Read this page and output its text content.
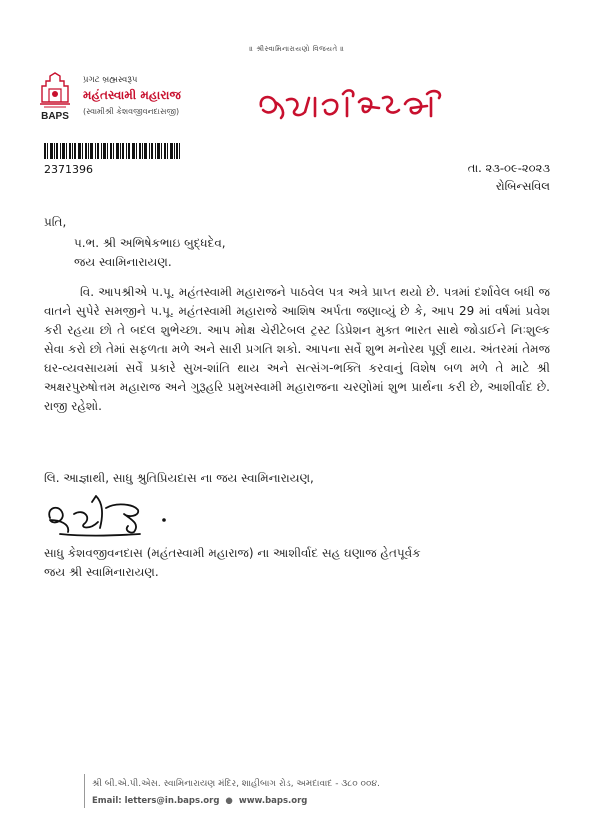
॥ શ્રીસ્વામિનારાયણો વિજયતે ॥
BAPS
પ્રગટ બ્રહ્મસ્વરૂપ
મહંતસ્વામી મહારાજ
(સ્વામીશ્રી કેશવજીવનદાસજી)
2371396	તા. ૨૩-૦૯-૨૦૨૩
રોબિન્સવિલ
પ્રતિ,
પ.ભ. શ્રી અભિષેકભાઇ બુદ્ધદેવ,
જય સ્વામિનારાયણ.
વિ. આપશ્રીએ પ.પૂ. મહંતસ્વામી મહારાજને પાઠવેલ પત્ર અત્રે પ્રાપ્ત થયો છે. પત્રમાં દર્શાવેલ બધી જ વાતને સુપેરે સમજીને પ.પૂ. મહંતસ્વામી મહારાજે આશિષ અર્પતા જણાવ્યું છે કે, આપ 29 માં વર્ષમાં પ્રવેશ કરી રહયા છો તે બદલ શુભેચ્છા. આપ મોક્ષ ચેરીટેબલ ટ્રસ્ટ ડિપ્રેશન મુક્ત ભારત સાથે જોડાઈને નિઃશુલ્ક સેવા કરો છો તેમાં સફળતા મળે અને સારી પ્રગતિ શકો. આપના સર્વે શુભ મનોરથ પૂર્ણ થાય. અંતરમાં તેમજ ઘર-વ્યવસાયમાં સર્વે પ્રકારે સુખ-શાંતિ થાય અને સત્સંગ-ભક્તિ કરવાનું વિશેષ બળ મળે તે માટે શ્રી અક્ષરપુરુષોત્તમ મહારાજ અને ગુરૂહરિ પ્રમુખસ્વામી મહારાજના ચરણોમાં શુભ પ્રાર્થના કરી છે, આશીર્વાદ છે. રાજી રહેશો.
લિ. આજ્ઞાથી, સાધુ શ્રુતિપ્રિયદાસ ના જય સ્વામિનારાયણ,
સાધુ કેશવજીવનદાસ (મહંતસ્વામી મહારાજ) ના આશીર્વાદ સહ ઘણાજ હેતપૂર્વક
જય શ્રી સ્વામિનારાયણ.
શ્રી બી.એ.પી.એસ. સ્વામિનારાયણ મંદિર, શાહીબાગ રોડ, અમદાવાદ - ૩૮૦ ૦૦૪.
Email: letters@in.baps.org ● www.baps.org
